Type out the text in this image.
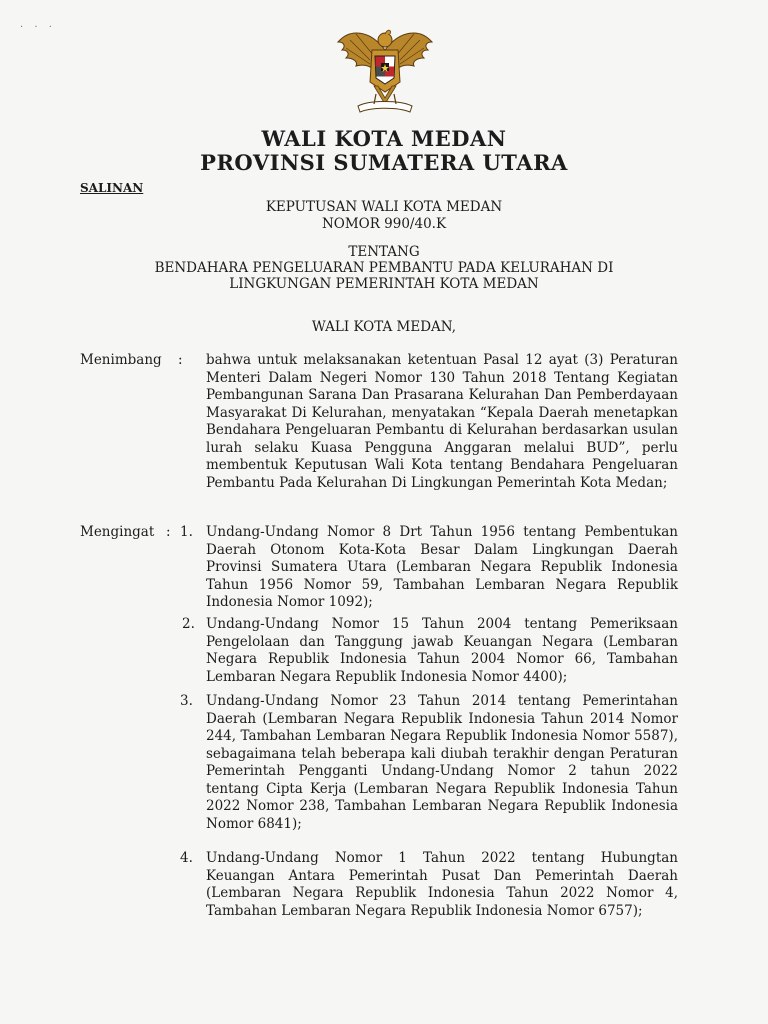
· · ·
WALI KOTA MEDAN
PROVINSI SUMATERA UTARA
SALINAN
KEPUTUSAN WALI KOTA MEDAN
NOMOR 990/40.K
TENTANG
BENDAHARA PENGELUARAN PEMBANTU PADA KELURAHAN DI
LINGKUNGAN PEMERINTAH KOTA MEDAN
WALI KOTA MEDAN,
Menimbang : bahwa untuk melaksanakan ketentuan Pasal 12 ayat (3) Peraturan Menteri Dalam Negeri Nomor 130 Tahun 2018 Tentang Kegiatan Pembangunan Sarana Dan Prasarana Kelurahan Dan Pemberdayaan Masyarakat Di Kelurahan, menyatakan “Kepala Daerah menetapkan Bendahara Pengeluaran Pembantu di Kelurahan berdasarkan usulan lurah selaku Kuasa Pengguna Anggaran melalui BUD”, perlu membentuk Keputusan Wali Kota tentang Bendahara Pengeluaran Pembantu Pada Kelurahan Di Lingkungan Pemerintah Kota Medan;
Mengingat : 1. Undang-Undang Nomor 8 Drt Tahun 1956 tentang Pembentukan Daerah Otonom Kota-Kota Besar Dalam Lingkungan Daerah Provinsi Sumatera Utara (Lembaran Negara Republik Indonesia Tahun 1956 Nomor 59, Tambahan Lembaran Negara Republik Indonesia Nomor 1092);
2. Undang-Undang Nomor 15 Tahun 2004 tentang Pemeriksaan Pengelolaan dan Tanggung jawab Keuangan Negara (Lembaran Negara Republik Indonesia Tahun 2004 Nomor 66, Tambahan Lembaran Negara Republik Indonesia Nomor 4400);
3. Undang-Undang Nomor 23 Tahun 2014 tentang Pemerintahan Daerah (Lembaran Negara Republik Indonesia Tahun 2014 Nomor 244, Tambahan Lembaran Negara Republik Indonesia Nomor 5587), sebagaimana telah beberapa kali diubah terakhir dengan Peraturan Pemerintah Pengganti Undang-Undang Nomor 2 tahun 2022 tentang Cipta Kerja (Lembaran Negara Republik Indonesia Tahun 2022 Nomor 238, Tambahan Lembaran Negara Republik Indonesia Nomor 6841);
4. Undang-Undang Nomor 1 Tahun 2022 tentang Hubungtan Keuangan Antara Pemerintah Pusat Dan Pemerintah Daerah (Lembaran Negara Republik Indonesia Tahun 2022 Nomor 4, Tambahan Lembaran Negara Republik Indonesia Nomor 6757);
